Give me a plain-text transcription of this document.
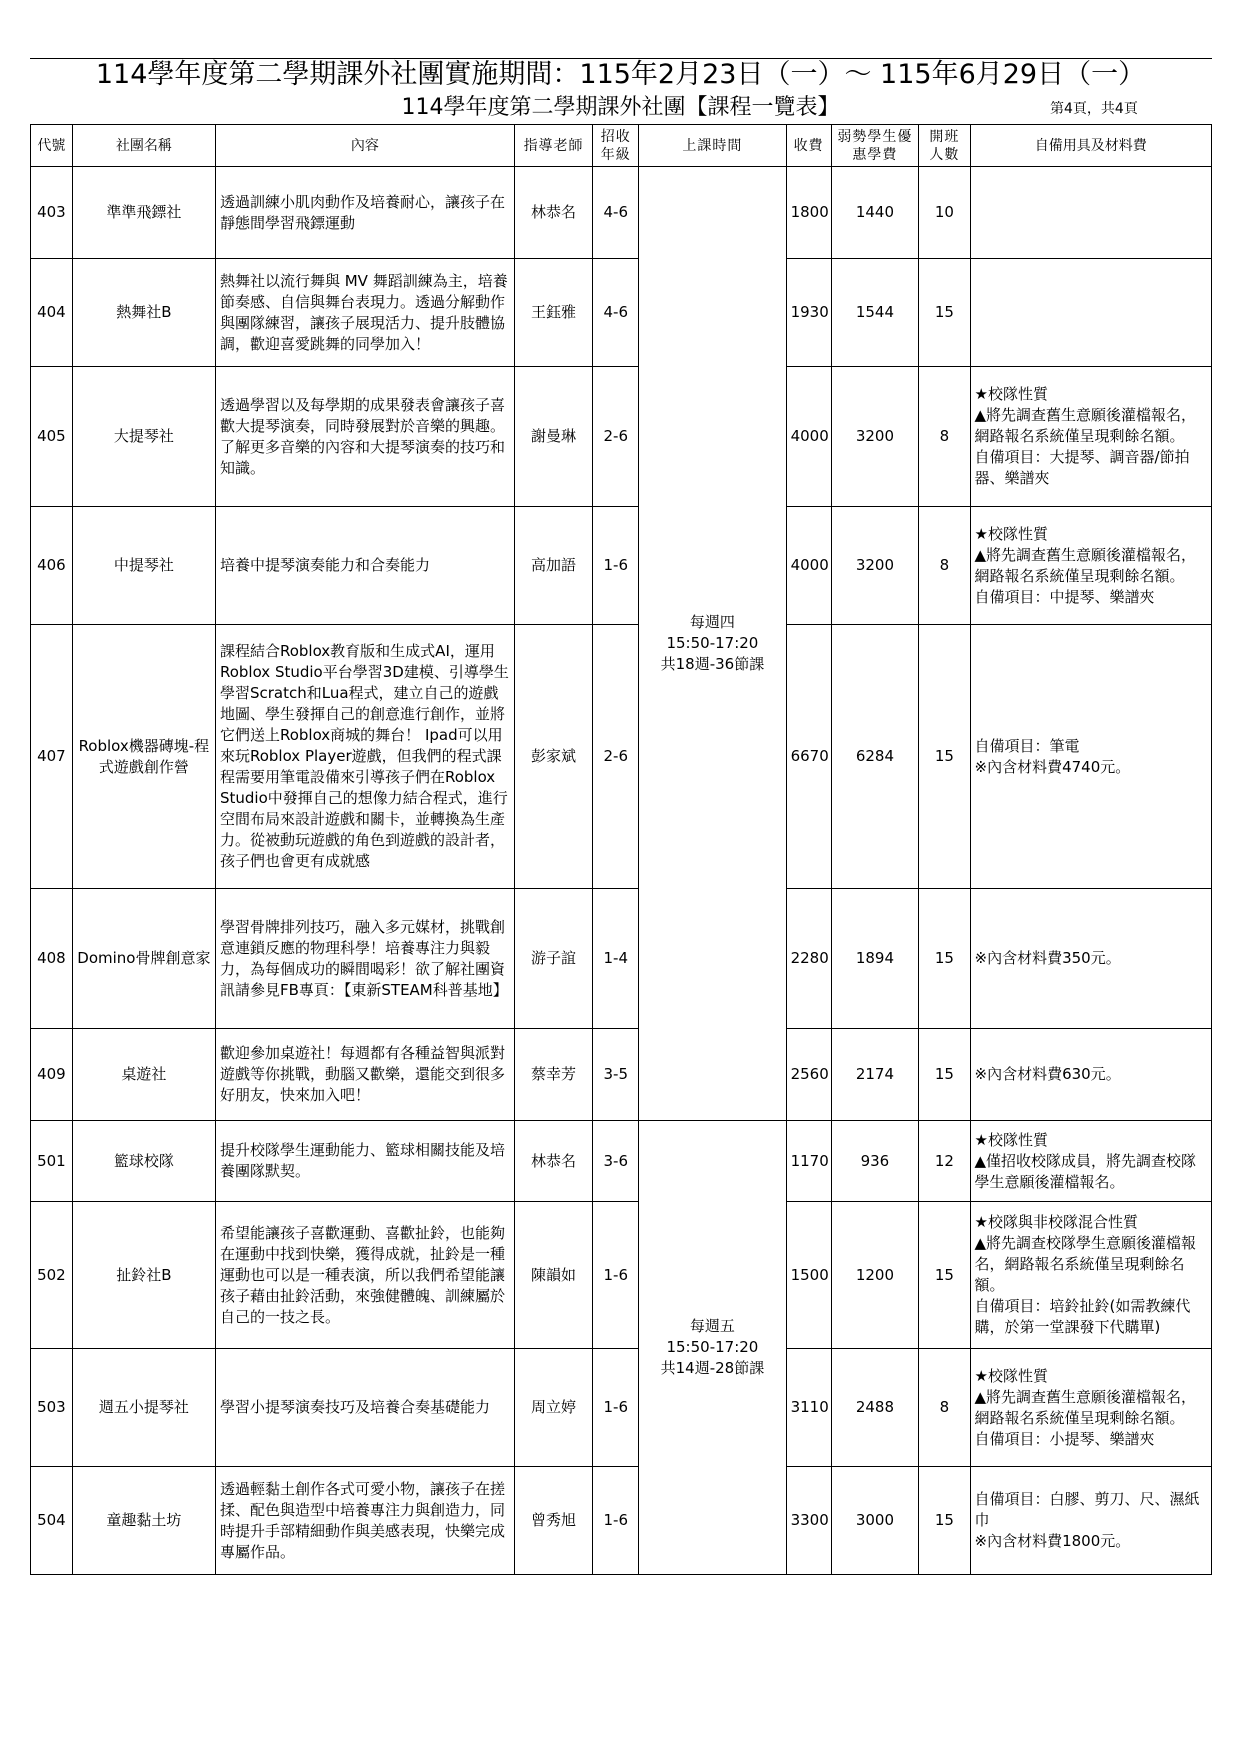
114學年度第二學期課外社團實施期間：115年2月23日（一）～ 115年6月29日（一）
114學年度第二學期課外社團【課程一覽表】	第4頁，共4頁
代號	社團名稱	內容	指導老師	招收年級	上課時間	收費	弱勢學生優惠學費	開班人數	自備用具及材料費
403	準準飛鏢社	透過訓練小肌肉動作及培養耐心，讓孩子在靜態間學習飛鏢運動	林恭名	4-6	每週四
15:50-17:20
共18週-36節課	1800	1440	10	
404	熱舞社B	熱舞社以流行舞與 MV 舞蹈訓練為主，培養節奏感、自信與舞台表現力。透過分解動作與團隊練習，讓孩子展現活力、提升肢體協調，歡迎喜愛跳舞的同學加入！	王鈺雅	4-6		1930	1544	15	
405	大提琴社	透過學習以及每學期的成果發表會讓孩子喜歡大提琴演奏，同時發展對於音樂的興趣。了解更多音樂的內容和大提琴演奏的技巧和知識。	謝曼琳	2-6		4000	3200	8	★校隊性質
▲將先調查舊生意願後灌檔報名，網路報名系統僅呈現剩餘名額。
自備項目：大提琴、調音器/節拍器、樂譜夾
406	中提琴社	培養中提琴演奏能力和合奏能力	高加語	1-6		4000	3200	8	★校隊性質
▲將先調查舊生意願後灌檔報名，網路報名系統僅呈現剩餘名額。
自備項目：中提琴、樂譜夾
407	Roblox機器磚塊-程式遊戲創作營	課程結合Roblox教育版和生成式AI，運用Roblox Studio平台學習3D建模、引導學生學習Scratch和Lua程式，建立自己的遊戲地圖、學生發揮自己的創意進行創作，並將它們送上Roblox商城的舞台！ Ipad可以用來玩Roblox Player遊戲，但我們的程式課程需要用筆電設備來引導孩子們在Roblox Studio中發揮自己的想像力結合程式，進行空間布局來設計遊戲和關卡，並轉換為生產力。從被動玩遊戲的角色到遊戲的設計者，孩子們也會更有成就感	彭家斌	2-6		6670	6284	15	自備項目：筆電
※內含材料費4740元。
408	Domino骨牌創意家	學習骨牌排列技巧，融入多元媒材，挑戰創意連鎖反應的物理科學！培養專注力與毅力，為每個成功的瞬間喝彩！欲了解社團資訊請參見FB專頁：【東新STEAM科普基地】	游子誼	1-4		2280	1894	15	※內含材料費350元。
409	桌遊社	歡迎參加桌遊社！每週都有各種益智與派對遊戲等你挑戰，動腦又歡樂，還能交到很多好朋友，快來加入吧！	蔡幸芳	3-5		2560	2174	15	※內含材料費630元。
501	籃球校隊	提升校隊學生運動能力、籃球相關技能及培養團隊默契。	林恭名	3-6	每週五
15:50-17:20
共14週-28節課	1170	936	12	★校隊性質
▲僅招收校隊成員，將先調查校隊學生意願後灌檔報名。
502	扯鈴社B	希望能讓孩子喜歡運動、喜歡扯鈴，也能夠在運動中找到快樂，獲得成就，扯鈴是一種運動也可以是一種表演，所以我們希望能讓孩子藉由扯鈴活動，來強健體魄、訓練屬於自己的一技之長。	陳韻如	1-6		1500	1200	15	★校隊與非校隊混合性質
▲將先調查校隊學生意願後灌檔報名，網路報名系統僅呈現剩餘名額。
自備項目：培鈴扯鈴(如需教練代購，於第一堂課發下代購單)
503	週五小提琴社	學習小提琴演奏技巧及培養合奏基礎能力	周立婷	1-6		3110	2488	8	★校隊性質
▲將先調查舊生意願後灌檔報名，網路報名系統僅呈現剩餘名額。
自備項目：小提琴、樂譜夾
504	童趣黏土坊	透過輕黏土創作各式可愛小物，讓孩子在搓揉、配色與造型中培養專注力與創造力，同時提升手部精細動作與美感表現，快樂完成專屬作品。	曾秀旭	1-6		3300	3000	15	自備項目：白膠、剪刀、尺、濕紙巾
※內含材料費1800元。
